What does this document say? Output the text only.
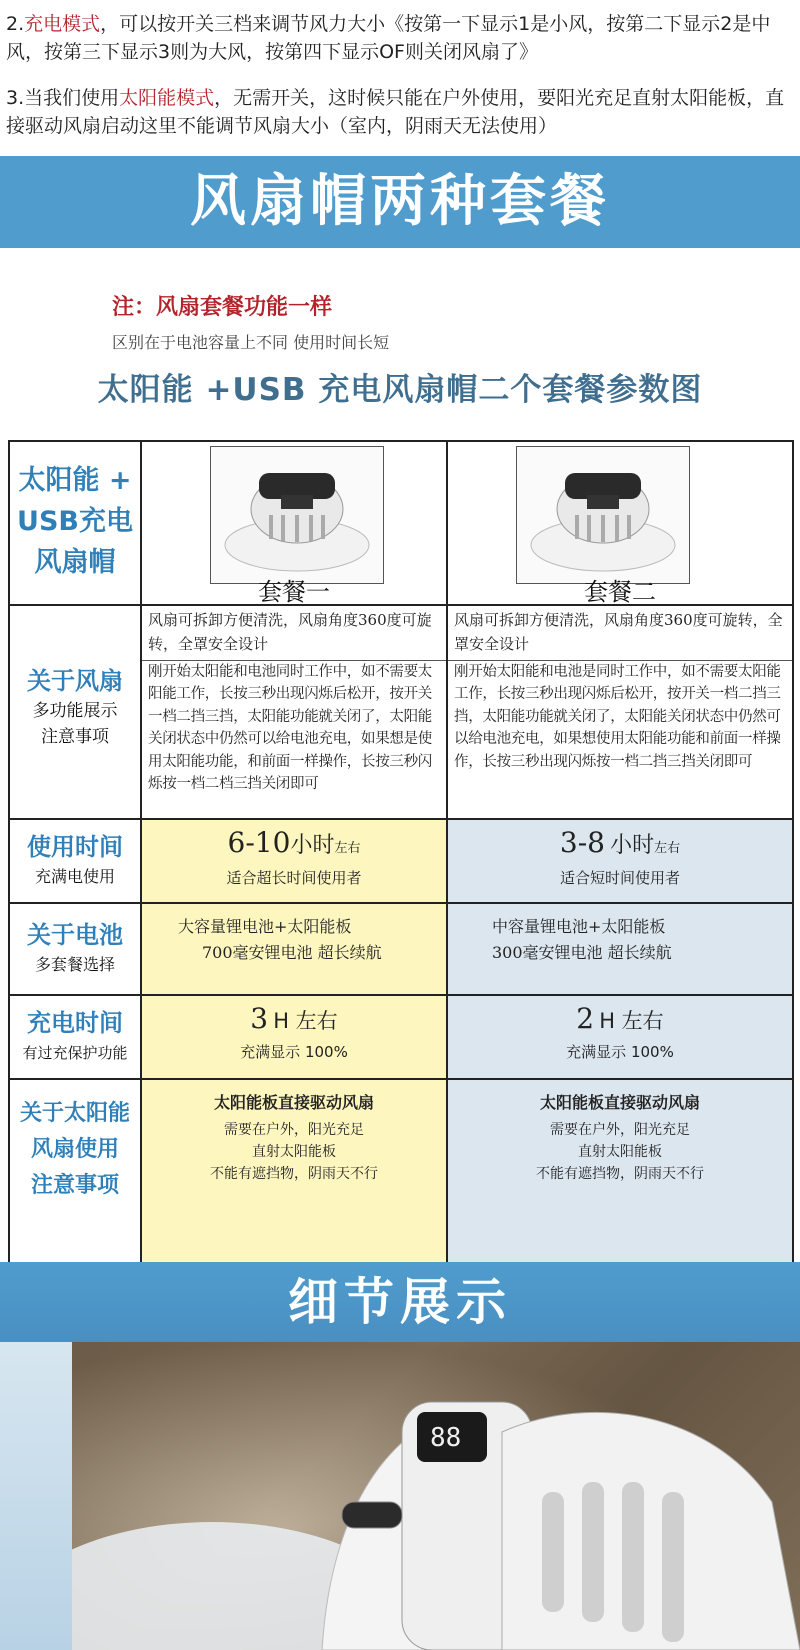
2.充电模式，可以按开关三档来调节风力大小《按第一下显示1是小风，按第二下显示2是中风，按第三下显示3则为大风，按第四下显示OF则关闭风扇了》
3.当我们使用太阳能模式，无需开关，这时候只能在户外使用，要阳光充足直射太阳能板，直接驱动风扇启动这里不能调节风扇大小（室内，阴雨天无法使用）
风扇帽两种套餐
注：风扇套餐功能一样
区别在于电池容量上不同 使用时间长短
太阳能 +USB 充电风扇帽二个套餐参数图
太阳能 +
USB充电
风扇帽
套餐一	套餐二
关于风扇
多功能展示
注意事项
风扇可拆卸方便清洗，风扇角度360度可旋转，全罩安全设计
刚开始太阳能和电池同时工作中，如不需要太阳能工作，长按三秒出现闪烁后松开，按开关一档二挡三挡，太阳能功能就关闭了，太阳能关闭状态中仍然可以给电池充电，如果想是使用太阳能功能，和前面一样操作，长按三秒闪烁按一档二档三挡关闭即可
风扇可拆卸方便清洗，风扇角度360度可旋转，全罩安全设计
刚开始太阳能和电池是同时工作中，如不需要太阳能工作，长按三秒出现闪烁后松开，按开关一档二挡三挡，太阳能功能就关闭了，太阳能关闭状态中仍然可以给电池充电，如果想使用太阳能功能和前面一样操作，长按三秒出现闪烁按一档二挡三挡关闭即可
使用时间
充满电使用
6-10小时左右
适合超长时间使用者
3-8 小时左右
适合短时间使用者
关于电池
多套餐选择
大容量锂电池+太阳能板
700毫安锂电池 超长续航
中容量锂电池+太阳能板
300毫安锂电池 超长续航
充电时间
有过充保护功能
3 H 左右
充满显示 100%
2 H 左右
充满显示 100%
关于太阳能
风扇使用
注意事项
太阳能板直接驱动风扇
需要在户外，阳光充足
直射太阳能板
不能有遮挡物，阴雨天不行
太阳能板直接驱动风扇
需要在户外，阳光充足
直射太阳能板
不能有遮挡物，阴雨天不行
细节展示
88
